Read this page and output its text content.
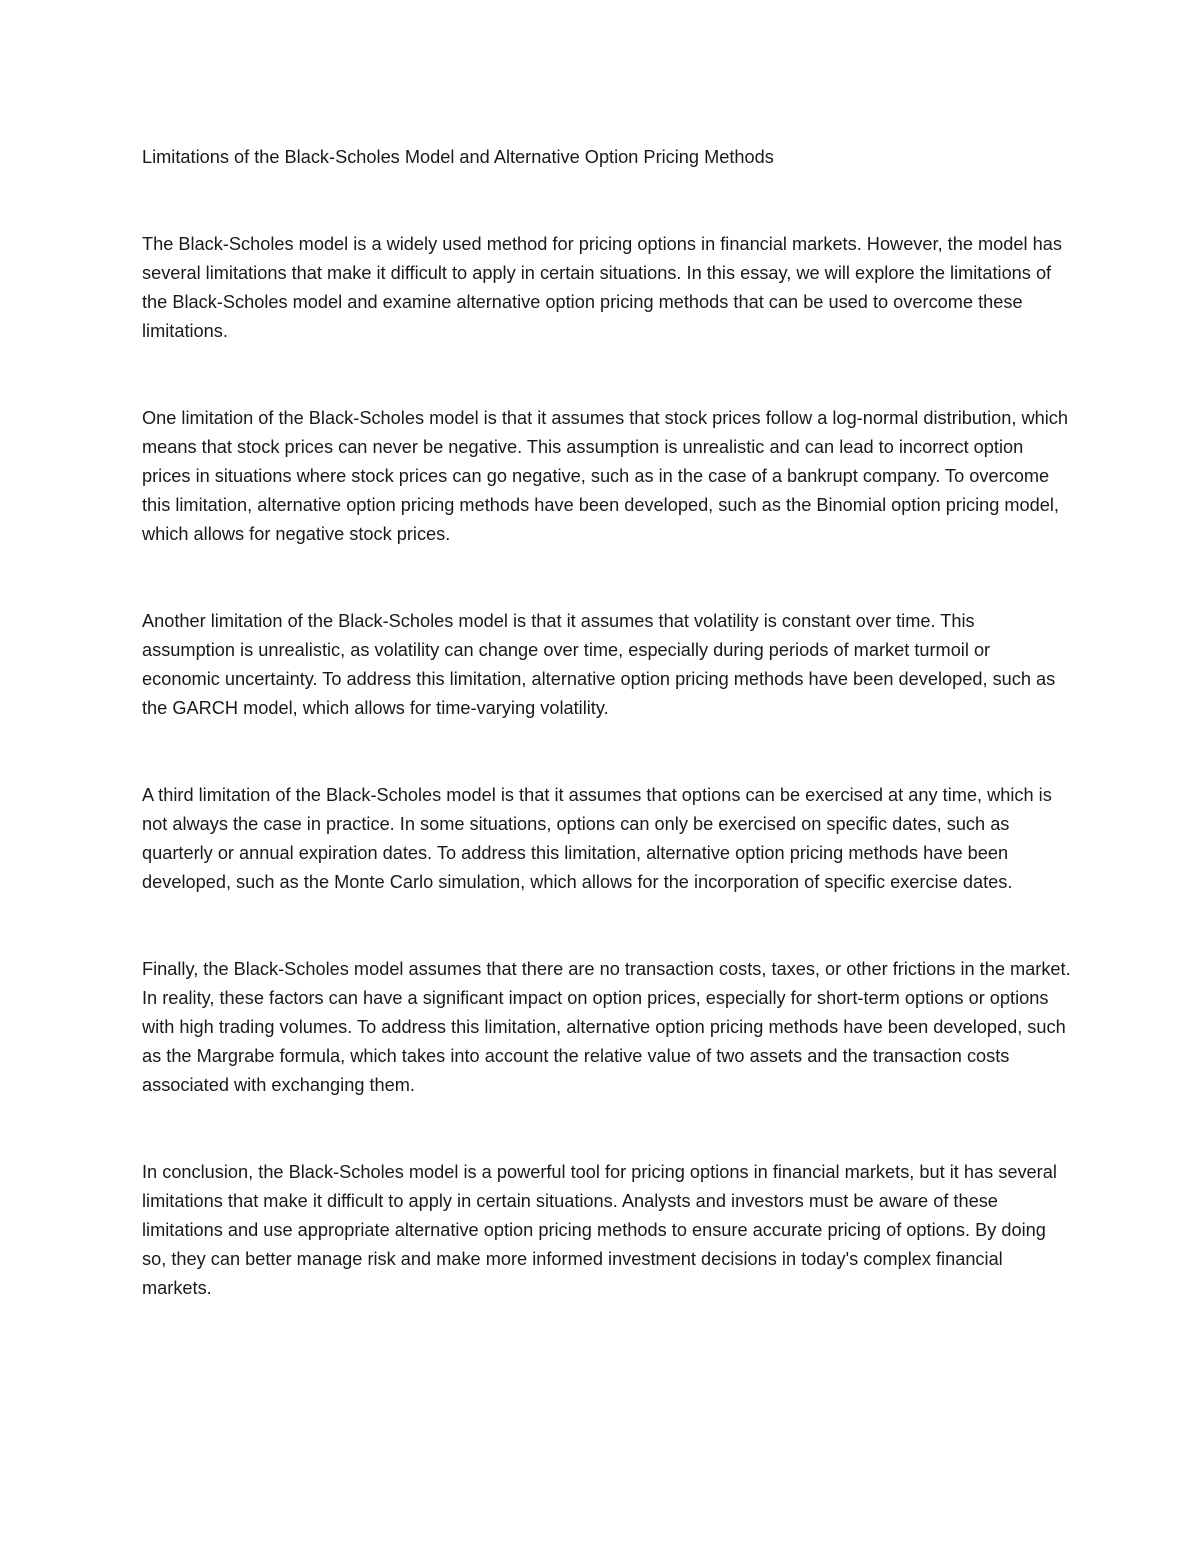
Limitations of the Black-Scholes Model and Alternative Option Pricing Methods

The Black-Scholes model is a widely used method for pricing options in financial markets. However, the model has several limitations that make it difficult to apply in certain situations. In this essay, we will explore the limitations of the Black-Scholes model and examine alternative option pricing methods that can be used to overcome these limitations.

One limitation of the Black-Scholes model is that it assumes that stock prices follow a log-normal distribution, which means that stock prices can never be negative. This assumption is unrealistic and can lead to incorrect option prices in situations where stock prices can go negative, such as in the case of a bankrupt company. To overcome this limitation, alternative option pricing methods have been developed, such as the Binomial option pricing model, which allows for negative stock prices.

Another limitation of the Black-Scholes model is that it assumes that volatility is constant over time. This assumption is unrealistic, as volatility can change over time, especially during periods of market turmoil or economic uncertainty. To address this limitation, alternative option pricing methods have been developed, such as the GARCH model, which allows for time-varying volatility.

A third limitation of the Black-Scholes model is that it assumes that options can be exercised at any time, which is not always the case in practice. In some situations, options can only be exercised on specific dates, such as quarterly or annual expiration dates. To address this limitation, alternative option pricing methods have been developed, such as the Monte Carlo simulation, which allows for the incorporation of specific exercise dates.

Finally, the Black-Scholes model assumes that there are no transaction costs, taxes, or other frictions in the market. In reality, these factors can have a significant impact on option prices, especially for short-term options or options with high trading volumes. To address this limitation, alternative option pricing methods have been developed, such as the Margrabe formula, which takes into account the relative value of two assets and the transaction costs associated with exchanging them.

In conclusion, the Black-Scholes model is a powerful tool for pricing options in financial markets, but it has several limitations that make it difficult to apply in certain situations. Analysts and investors must be aware of these limitations and use appropriate alternative option pricing methods to ensure accurate pricing of options. By doing so, they can better manage risk and make more informed investment decisions in today's complex financial markets.
